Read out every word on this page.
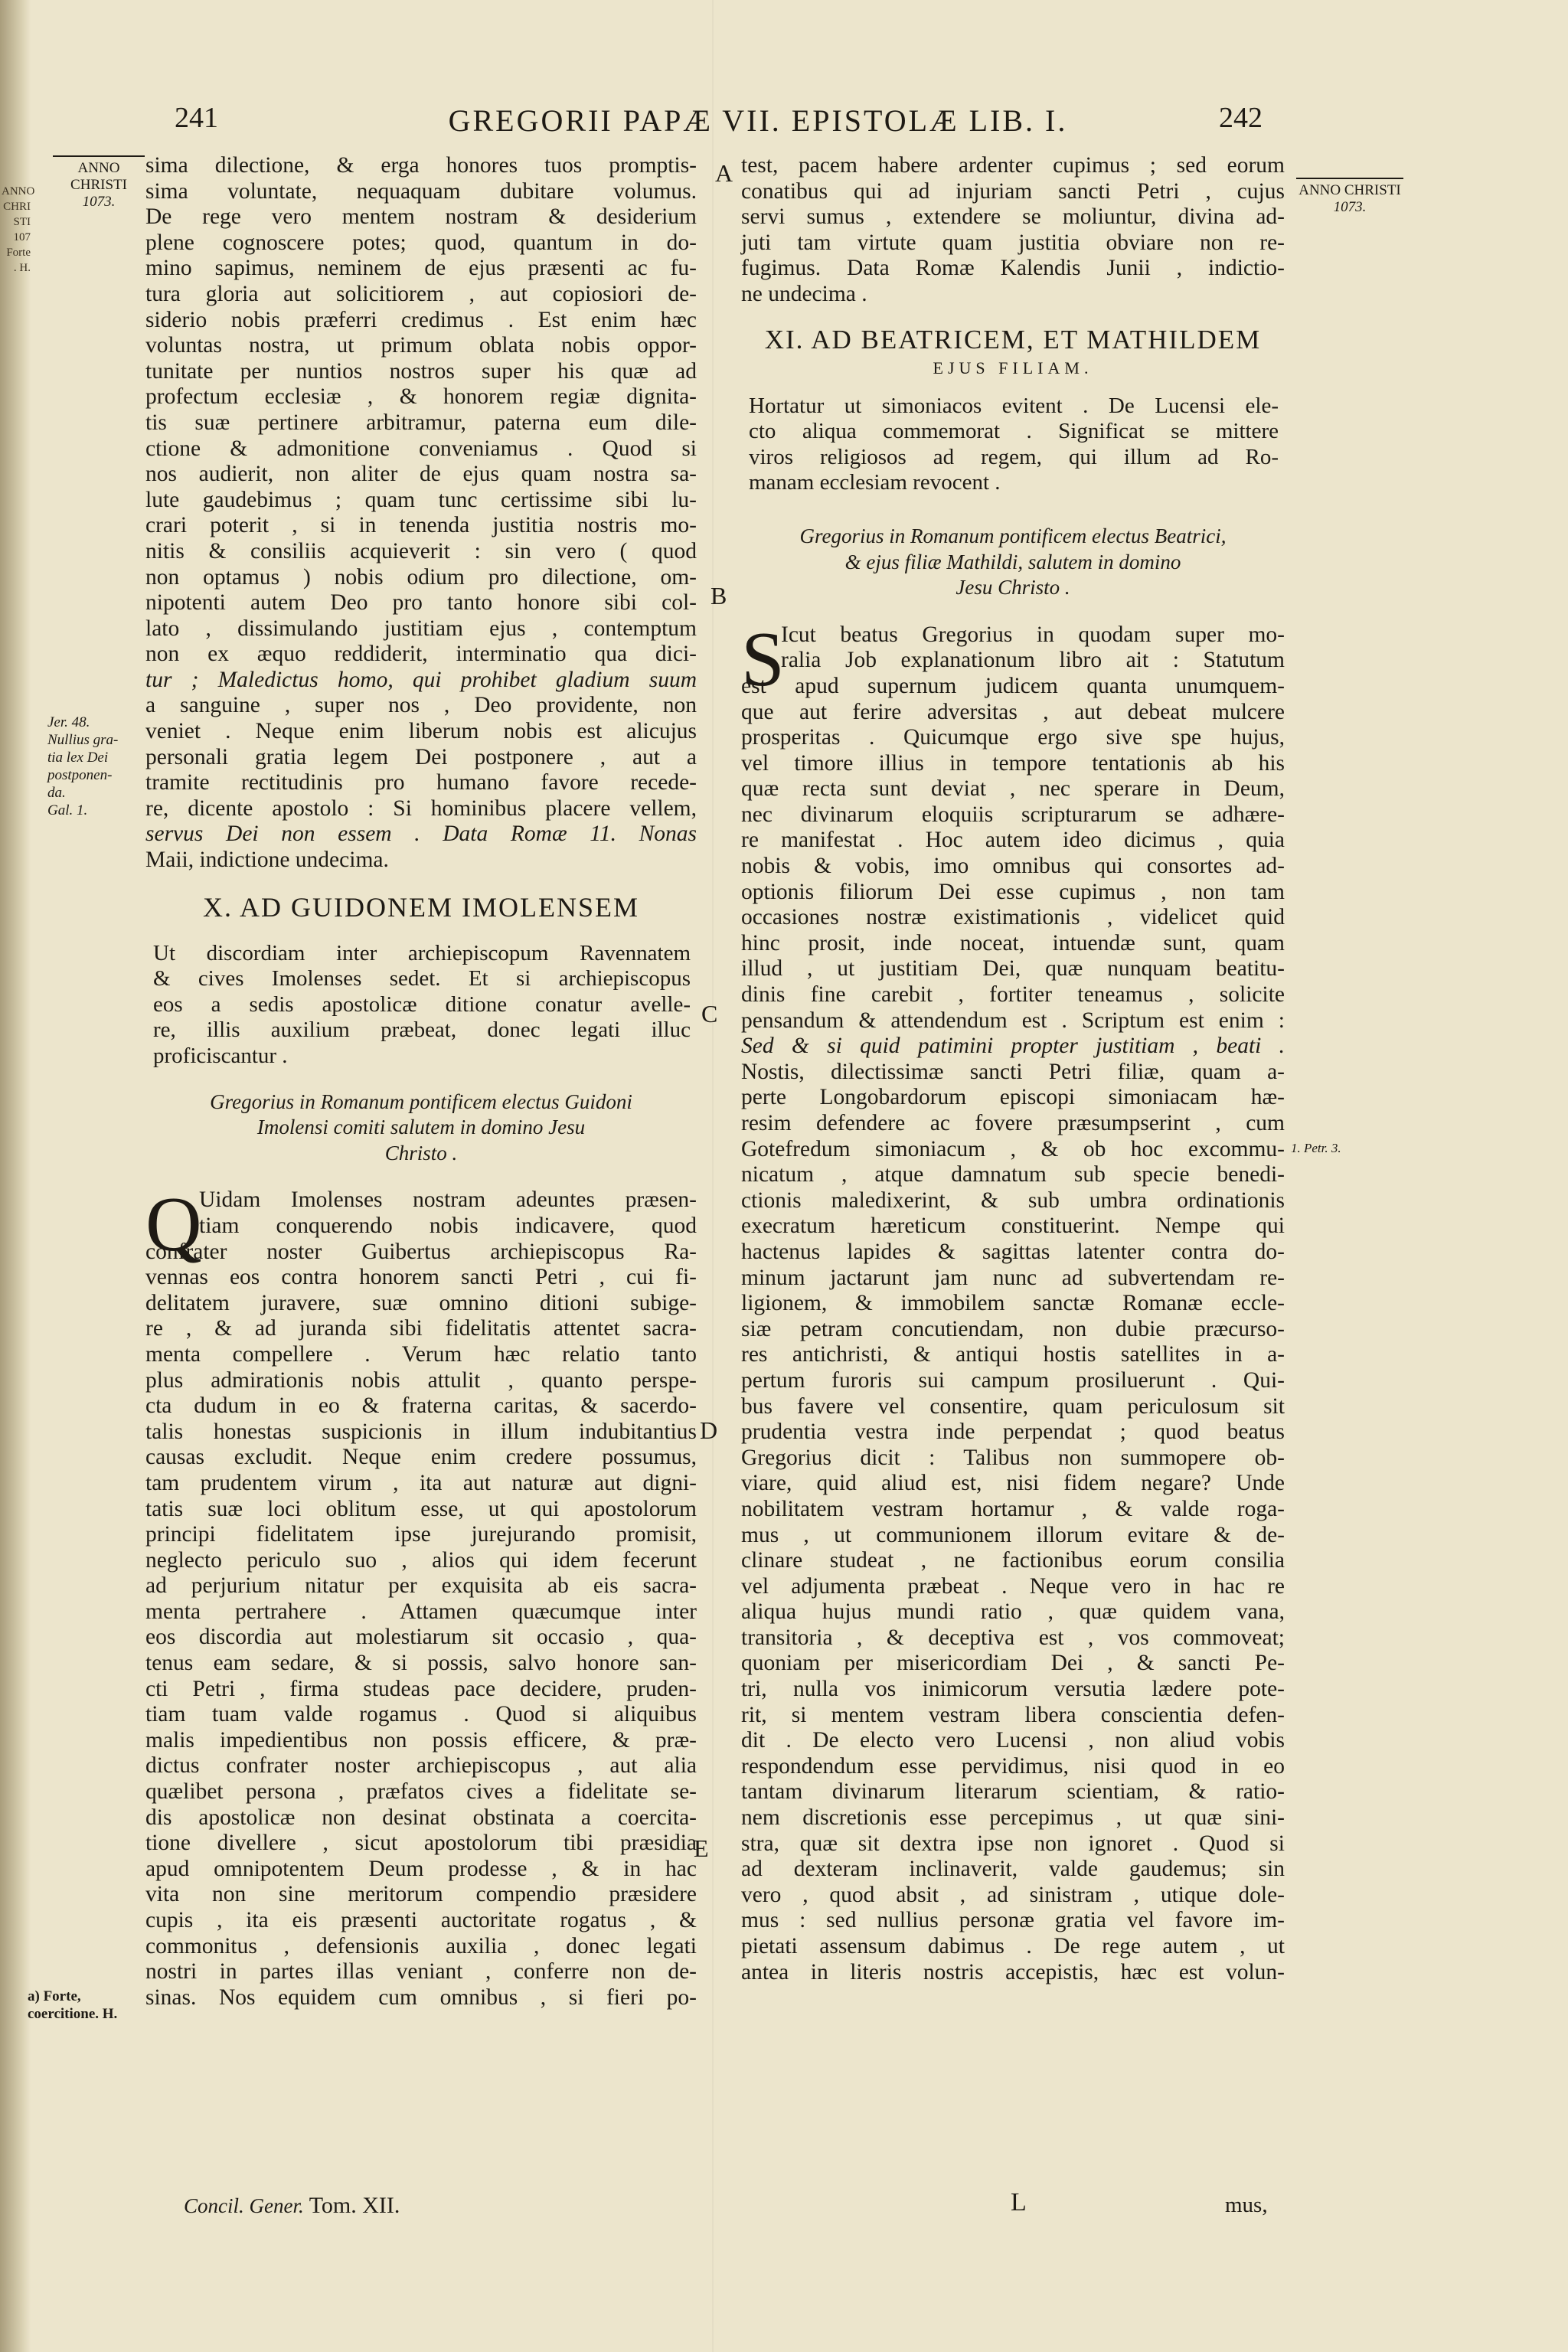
ANNO
CHRI
STI
107
Forte
. H.
241	GREGORII PAPÆ VII. EPISTOLÆ LIB. I.	242
ANNO CHRISTI
1073.
ANNO CHRISTI
1073.
Jer. 48.
Nullius gra-
tia lex Dei
postponen-
da.
Gal. 1.
a) Forte,
coercitione. H.
1. Petr. 3.
A
B
C
D
E
sima dilectione, & erga honores tuos promptis-
sima voluntate, nequaquam dubitare volumus.
De rege vero mentem nostram & desiderium
plene cognoscere potes; quod, quantum in do-
mino sapimus, neminem de ejus præsenti ac fu-
tura gloria aut solicitiorem , aut copiosiori de-
siderio nobis præferri credimus . Est enim hæc
voluntas nostra, ut primum oblata nobis oppor-
tunitate per nuntios nostros super his quæ ad
profectum ecclesiæ , & honorem regiæ dignita-
tis suæ pertinere arbitramur, paterna eum dile-
ctione & admonitione conveniamus . Quod si
nos audierit, non aliter de ejus quam nostra sa-
lute gaudebimus ; quam tunc certissime sibi lu-
crari poterit , si in tenenda justitia nostris mo-
nitis & consiliis acquieverit : sin vero ( quod
non optamus ) nobis odium pro dilectione, om-
nipotenti autem Deo pro tanto honore sibi col-
lato , dissimulando justitiam ejus , contemptum
non ex æquo reddiderit, interminatio qua dici-
tur ; Maledictus homo, qui prohibet gladium suum
a sanguine , super nos , Deo providente, non
veniet . Neque enim liberum nobis est alicujus
personali gratia legem Dei postponere , aut a
tramite rectitudinis pro humano favore recede-
re, dicente apostolo : Si hominibus placere vellem,
servus Dei non essem . Data Romæ 11. Nonas
Maii, indictione undecima.
X. AD GUIDONEM IMOLENSEM
Ut discordiam inter archiepiscopum Ravennatem
& cives Imolenses sedet. Et si archiepiscopus
eos a sedis apostolicæ ditione conatur avelle-
re, illis auxilium præbeat, donec legati illuc
proficiscantur .
Gregorius in Romanum pontificem electus Guidoni
Imolensi comiti salutem in domino Jesu
Christo .
Q
Uidam Imolenses nostram adeuntes præsen-
tiam conquerendo nobis indicavere, quod
confrater noster Guibertus archiepiscopus Ra-
vennas eos contra honorem sancti Petri , cui fi-
delitatem juravere, suæ omnino ditioni subige-
re , & ad juranda sibi fidelitatis attentet sacra-
menta compellere . Verum hæc relatio tanto
plus admirationis nobis attulit , quanto perspe-
cta dudum in eo & fraterna caritas, & sacerdo-
talis honestas suspicionis in illum indubitantius
causas excludit. Neque enim credere possumus,
tam prudentem virum , ita aut naturæ aut digni-
tatis suæ loci oblitum esse, ut qui apostolorum
principi fidelitatem ipse jurejurando promisit,
neglecto periculo suo , alios qui idem fecerunt
ad perjurium nitatur per exquisita ab eis sacra-
menta pertrahere . Attamen quæcumque inter
eos discordia aut molestiarum sit occasio , qua-
tenus eam sedare, & si possis, salvo honore san-
cti Petri , firma studeas pace decidere, pruden-
tiam tuam valde rogamus . Quod si aliquibus
malis impedientibus non possis efficere, & præ-
dictus confrater noster archiepiscopus , aut alia
quælibet persona , præfatos cives a fidelitate se-
dis apostolicæ non desinat obstinata a coercita-
tione divellere , sicut apostolorum tibi præsidia
apud omnipotentem Deum prodesse , & in hac
vita non sine meritorum compendio præsidere
cupis , ita eis præsenti auctoritate rogatus , &
commonitus , defensionis auxilia , donec legati
nostri in partes illas veniant , conferre non de-
sinas. Nos equidem cum omnibus , si fieri po-
test, pacem habere ardenter cupimus ; sed eorum
conatibus qui ad injuriam sancti Petri , cujus
servi sumus , extendere se moliuntur, divina ad-
juti tam virtute quam justitia obviare non re-
fugimus. Data Romæ Kalendis Junii , indictio-
ne undecima .
XI. AD BEATRICEM, ET MATHILDEM
EJUS FILIAM.
Hortatur ut simoniacos evitent . De Lucensi ele-
cto aliqua commemorat . Significat se mittere
viros religiosos ad regem, qui illum ad Ro-
manam ecclesiam revocent .
Gregorius in Romanum pontificem electus Beatrici,
& ejus filiæ Mathildi, salutem in domino
Jesu Christo .
S
Icut beatus Gregorius in quodam super mo-
ralia Job explanationum libro ait : Statutum
est apud supernum judicem quanta unumquem-
que aut ferire adversitas , aut debeat mulcere
prosperitas . Quicumque ergo sive spe hujus,
vel timore illius in tempore tentationis ab his
quæ recta sunt deviat , nec sperare in Deum,
nec divinarum eloquiis scripturarum se adhære-
re manifestat . Hoc autem ideo dicimus , quia
nobis & vobis, imo omnibus qui consortes ad-
optionis filiorum Dei esse cupimus , non tam
occasiones nostræ existimationis , videlicet quid
hinc prosit, inde noceat, intuendæ sunt, quam
illud , ut justitiam Dei, quæ nunquam beatitu-
dinis fine carebit , fortiter teneamus , solicite
pensandum & attendendum est . Scriptum est enim :
Sed & si quid patimini propter justitiam , beati .
Nostis, dilectissimæ sancti Petri filiæ, quam a-
perte Longobardorum episcopi simoniacam hæ-
resim defendere ac fovere præsumpserint , cum
Gotefredum simoniacum , & ob hoc excommu-
nicatum , atque damnatum sub specie benedi-
ctionis maledixerint, & sub umbra ordinationis
execratum hæreticum constituerint. Nempe qui
hactenus lapides & sagittas latenter contra do-
minum jactarunt jam nunc ad subvertendam re-
ligionem, & immobilem sanctæ Romanæ eccle-
siæ petram concutiendam, non dubie præcurso-
res antichristi, & antiqui hostis satellites in a-
pertum furoris sui campum prosiluerunt . Qui-
bus favere vel consentire, quam periculosum sit
prudentia vestra inde perpendat ; quod beatus
Gregorius dicit : Talibus non summopere ob-
viare, quid aliud est, nisi fidem negare? Unde
nobilitatem vestram hortamur , & valde roga-
mus , ut communionem illorum evitare & de-
clinare studeat , ne factionibus eorum consilia
vel adjumenta præbeat . Neque vero in hac re
aliqua hujus mundi ratio , quæ quidem vana,
transitoria , & deceptiva est , vos commoveat;
quoniam per misericordiam Dei , & sancti Pe-
tri, nulla vos inimicorum versutia lædere pote-
rit, si mentem vestram libera conscientia defen-
dit . De electo vero Lucensi , non aliud vobis
respondendum esse pervidimus, nisi quod in eo
tantam divinarum literarum scientiam, & ratio-
nem discretionis esse percepimus , ut quæ sini-
stra, quæ sit dextra ipse non ignoret . Quod si
ad dexteram inclinaverit, valde gaudemus; sin
vero , quod absit , ad sinistram , utique dole-
mus : sed nullius personæ gratia vel favore im-
pietati assensum dabimus . De rege autem , ut
antea in literis nostris accepistis, hæc est volun-
Concil. Gener. Tom. XII.	L	mus,
